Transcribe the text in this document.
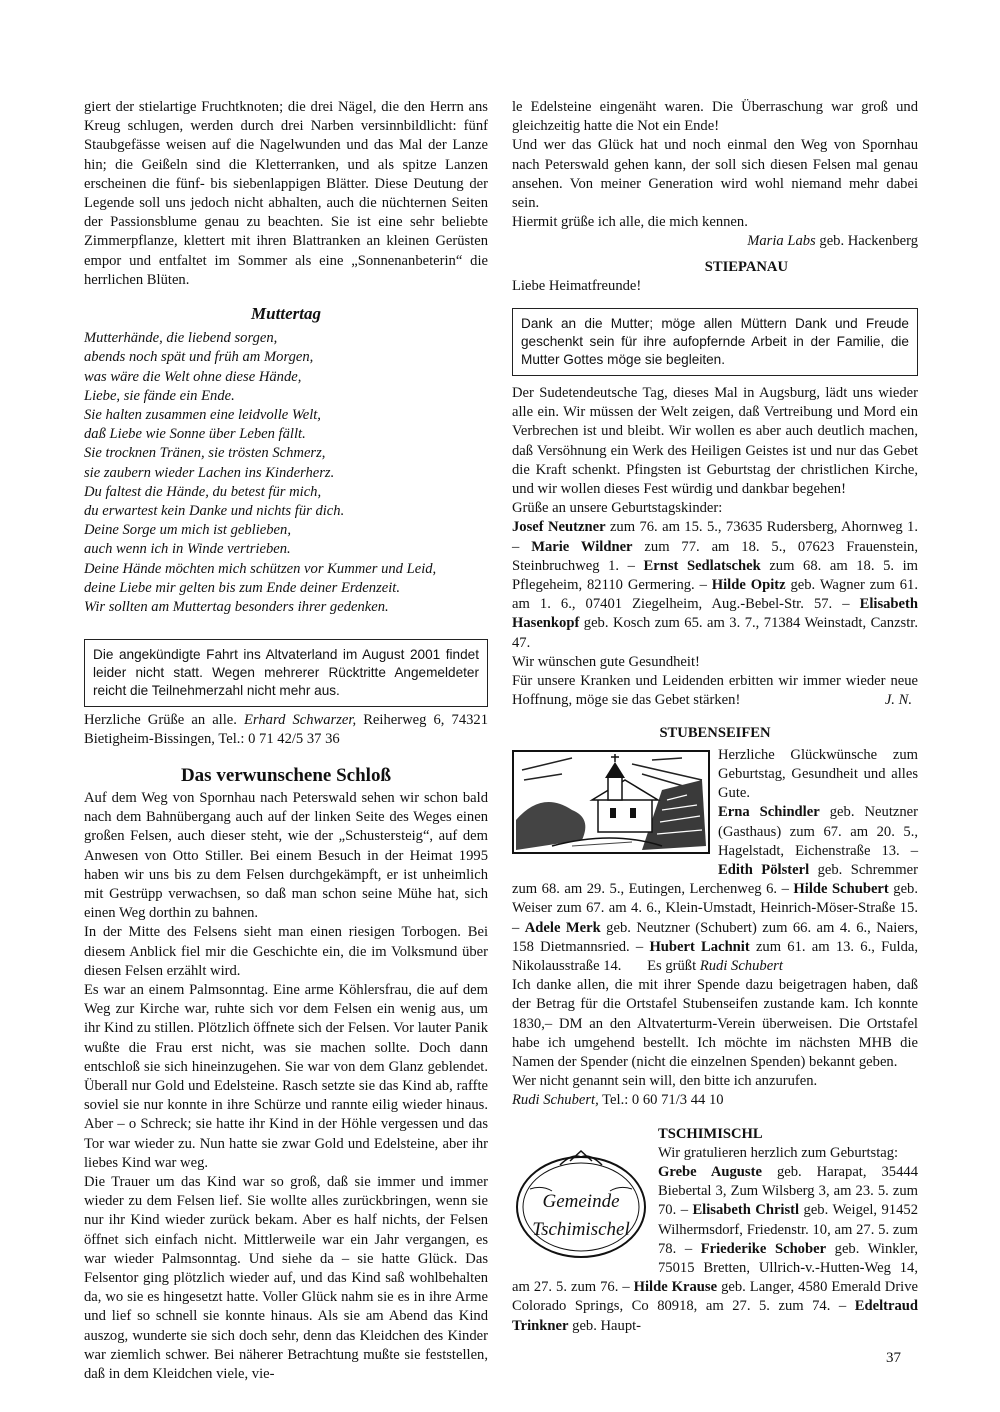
giert der stielartige Fruchtknoten; die drei Nägel, die den Herrn ans Kreug schlugen, werden durch drei Narben versinnbildlicht: fünf Staubgefässe weisen auf die Nagelwunden und das Mal der Lanze hin; die Geißeln sind die Kletterranken, und als spitze Lanzen erscheinen die fünf- bis siebenlappigen Blätter. Diese Deutung der Legende soll uns jedoch nicht abhalten, auch die nüchternen Seiten der Passionsblume genau zu beachten. Sie ist eine sehr beliebte Zimmerpflanze, klettert mit ihren Blattranken an kleinen Gerüsten empor und entfaltet im Sommer als eine „Sonnenanbeterin“ die herrlichen Blüten.

Muttertag

Mutterhände, die liebend sorgen,

abends noch spät und früh am Morgen,

was wäre die Welt ohne diese Hände,

Liebe, sie fände ein Ende.

Sie halten zusammen eine leidvolle Welt,

daß Liebe wie Sonne über Leben fällt.

Sie trocknen Tränen, sie trösten Schmerz,

sie zaubern wieder Lachen ins Kinderherz.

Du faltest die Hände, du betest für mich,

du erwartest kein Danke und nichts für dich.

Deine Sorge um mich ist geblieben,

auch wenn ich in Winde vertrieben.

Deine Hände möchten mich schützen vor Kummer und Leid,

deine Liebe mir gelten bis zum Ende deiner Erdenzeit.

Wir sollten am Muttertag besonders ihrer gedenken.

Die angekündigte Fahrt ins Altvaterland im August 2001 findet leider nicht statt. Wegen mehrerer Rücktritte Angemeldeter reicht die Teilnehmerzahl nicht mehr aus.

Herzliche Grüße an alle. Erhard Schwarzer, Reiherweg 6, 74321 Bietigheim-Bissingen, Tel.: 0 71 42/5 37 36

Das verwunschene Schloß

Auf dem Weg von Spornhau nach Peterswald sehen wir schon bald nach dem Bahnübergang auch auf der linken Seite des Weges einen großen Felsen, auch dieser steht, wie der „Schustersteig“, auf dem Anwesen von Otto Stiller. Bei einem Besuch in der Heimat 1995 haben wir uns bis zu dem Felsen durchgekämpft, er ist unheimlich mit Gestrüpp verwachsen, so daß man schon seine Mühe hat, sich einen Weg dorthin zu bahnen.

In der Mitte des Felsens sieht man einen riesigen Torbogen. Bei diesem Anblick fiel mir die Geschichte ein, die im Volksmund über diesen Felsen erzählt wird.

Es war an einem Palmsonntag. Eine arme Köhlersfrau, die auf dem Weg zur Kirche war, ruhte sich vor dem Felsen ein wenig aus, um ihr Kind zu stillen. Plötzlich öffnete sich der Felsen. Vor lauter Panik wußte die Frau erst nicht, was sie machen sollte. Doch dann entschloß sie sich hineinzugehen. Sie war von dem Glanz geblendet. Überall nur Gold und Edelsteine. Rasch setzte sie das Kind ab, raffte soviel sie nur konnte in ihre Schürze und rannte eilig wieder hinaus. Aber – o Schreck; sie hatte ihr Kind in der Höhle vergessen und das Tor war wieder zu. Nun hatte sie zwar Gold und Edelsteine, aber ihr liebes Kind war weg.

Die Trauer um das Kind war so groß, daß sie immer und immer wieder zu dem Felsen lief. Sie wollte alles zurückbringen, wenn sie nur ihr Kind wieder zurück bekam. Aber es half nichts, der Felsen öffnet sich einfach nicht. Mittlerweile war ein Jahr vergangen, es war wieder Palmsonntag. Und siehe da – sie hatte Glück. Das Felsentor ging plötzlich wieder auf, und das Kind saß wohlbehalten da, wo sie es hingesetzt hatte. Voller Glück nahm sie es in ihre Arme und lief so schnell sie konnte hinaus. Als sie am Abend das Kind auszog, wunderte sie sich doch sehr, denn das Kleidchen des Kinder war ziemlich schwer. Bei näherer Betrachtung mußte sie feststellen, daß in dem Kleidchen viele, vie-

le Edelsteine eingenäht waren. Die Überraschung war groß und gleichzeitig hatte die Not ein Ende!

Und wer das Glück hat und noch einmal den Weg von Spornhau nach Peterswald gehen kann, der soll sich diesen Felsen mal genau ansehen. Von meiner Generation wird wohl niemand mehr dabei sein.

Hiermit grüße ich alle, die mich kennen.

Maria Labs geb. Hackenberg

STIEPANAU

Liebe Heimatfreunde!

Dank an die Mutter; möge allen Müttern Dank und Freude geschenkt sein für ihre aufopfernde Arbeit in der Familie, die Mutter Gottes möge sie begleiten.

Der Sudetendeutsche Tag, dieses Mal in Augsburg, lädt uns wieder alle ein. Wir müssen der Welt zeigen, daß Vertreibung und Mord ein Verbrechen ist und bleibt. Wir wollen es aber auch deutlich machen, daß Versöhnung ein Werk des Heiligen Geistes ist und nur das Gebet die Kraft schenkt. Pfingsten ist Geburtstag der christlichen Kirche, und wir wollen dieses Fest würdig und dankbar begehen!

Grüße an unsere Geburtstagskinder:

Josef Neutzner zum 76. am 15. 5., 73635 Rudersberg, Ahornweg 1. – Marie Wildner zum 77. am 18. 5., 07623 Frauenstein, Steinbruchweg 1. – Ernst Sedlatschek zum 68. am 18. 5. im Pflegeheim, 82110 Germering. – Hilde Opitz geb. Wagner zum 61. am 1. 6., 07401 Ziegelheim, Aug.-Bebel-Str. 57. – Elisabeth Hasenkopf geb. Kosch zum 65. am 3. 7., 71384 Weinstadt, Canzstr. 47.

Wir wünschen gute Gesundheit!

Für unsere Kranken und Leidenden erbitten wir immer wieder neue Hoffnung, möge sie das Gebet stärken!	J. N.

STUBENSEIFEN

Herzliche Glückwünsche zum Geburtstag, Gesundheit und alles Gute.

Erna Schindler geb. Neutzner (Gasthaus) zum 67. am 20. 5., Hagelstadt, Eichenstraße 13. – Edith Pölsterl geb. Schremmer zum 68. am 29. 5., Eutingen, Lerchenweg 6. – Hilde Schubert geb. Weiser zum 67. am 4. 6., Klein-Umstadt, Heinrich-Möser-Straße 15. – Adele Merk geb. Neutzner (Schubert) zum 66. am 4. 6., Naiers, 158 Dietmannsried. – Hubert Lachnit zum 61. am 13. 6., Fulda, Nikolausstraße 14. Es grüßt Rudi Schubert

Ich danke allen, die mit ihrer Spende dazu beigetragen haben, daß der Betrag für die Ortstafel Stubenseifen zustande kam. Ich konnte 1830,– DM an den Altvaterturm-Verein überweisen. Die Ortstafel habe ich umgehend bestellt. Ich möchte im nächsten MHB die Namen der Spender (nicht die einzelnen Spenden) bekannt geben.

Wer nicht genannt sein will, den bitte ich anzurufen.

Rudi Schubert, Tel.: 0 60 71/3 44 10

Gemeinde
Tschimischel

TSCHIMISCHL

Wir gratulieren herzlich zum Geburtstag:

Grebe Auguste geb. Harapat, 35444 Biebertal 3, Zum Wilsberg 3, am 23. 5. zum 70. – Elisabeth Christl geb. Weigel, 91452 Wilhermsdorf, Friedenstr. 10, am 27. 5. zum 78. – Friederike Schober geb. Winkler, 75015 Bretten, Ullrich-v.-Hutten-Weg 14, am 27. 5. zum 76. – Hilde Krause geb. Langer, 4580 Emerald Drive Colorado Springs, Co 80918, am 27. 5. zum 74. – Edeltraud Trinkner geb. Haupt-

37
